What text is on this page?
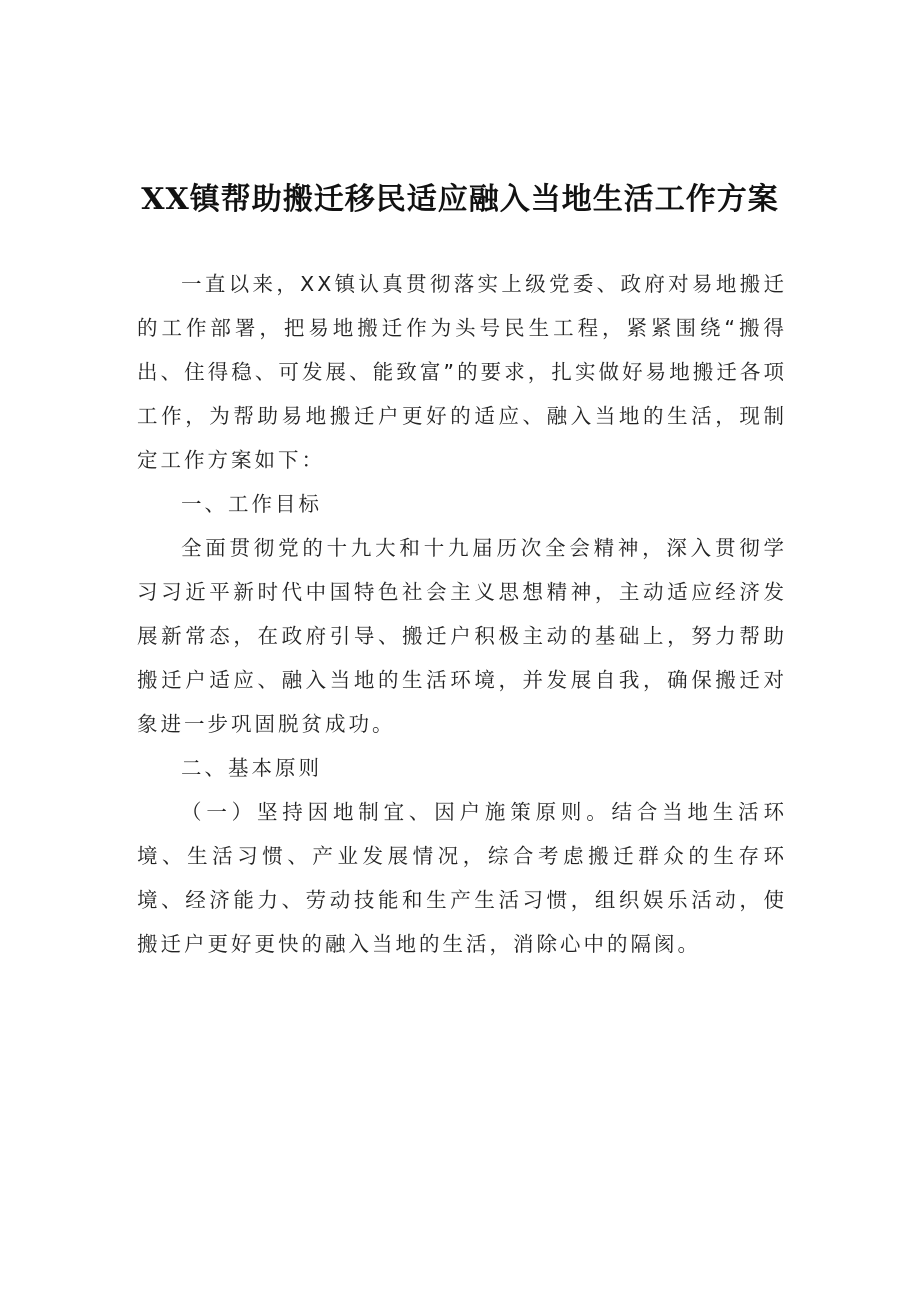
XX镇帮助搬迁移民适应融入当地生活工作方案

一直以来，XX镇认真贯彻落实上级党委、政府对易地搬迁的工作部署，把易地搬迁作为头号民生工程，紧紧围绕“搬得出、住得稳、可发展、能致富”的要求，扎实做好易地搬迁各项工作，为帮助易地搬迁户更好的适应、融入当地的生活，现制定工作方案如下：

一、工作目标

全面贯彻党的十九大和十九届历次全会精神，深入贯彻学习习近平新时代中国特色社会主义思想精神，主动适应经济发展新常态，在政府引导、搬迁户积极主动的基础上，努力帮助搬迁户适应、融入当地的生活环境，并发展自我，确保搬迁对象进一步巩固脱贫成功。

二、基本原则

（一）坚持因地制宜、因户施策原则。结合当地生活环境、生活习惯、产业发展情况，综合考虑搬迁群众的生存环境、经济能力、劳动技能和生产生活习惯，组织娱乐活动，使搬迁户更好更快的融入当地的生活，消除心中的隔阂。
